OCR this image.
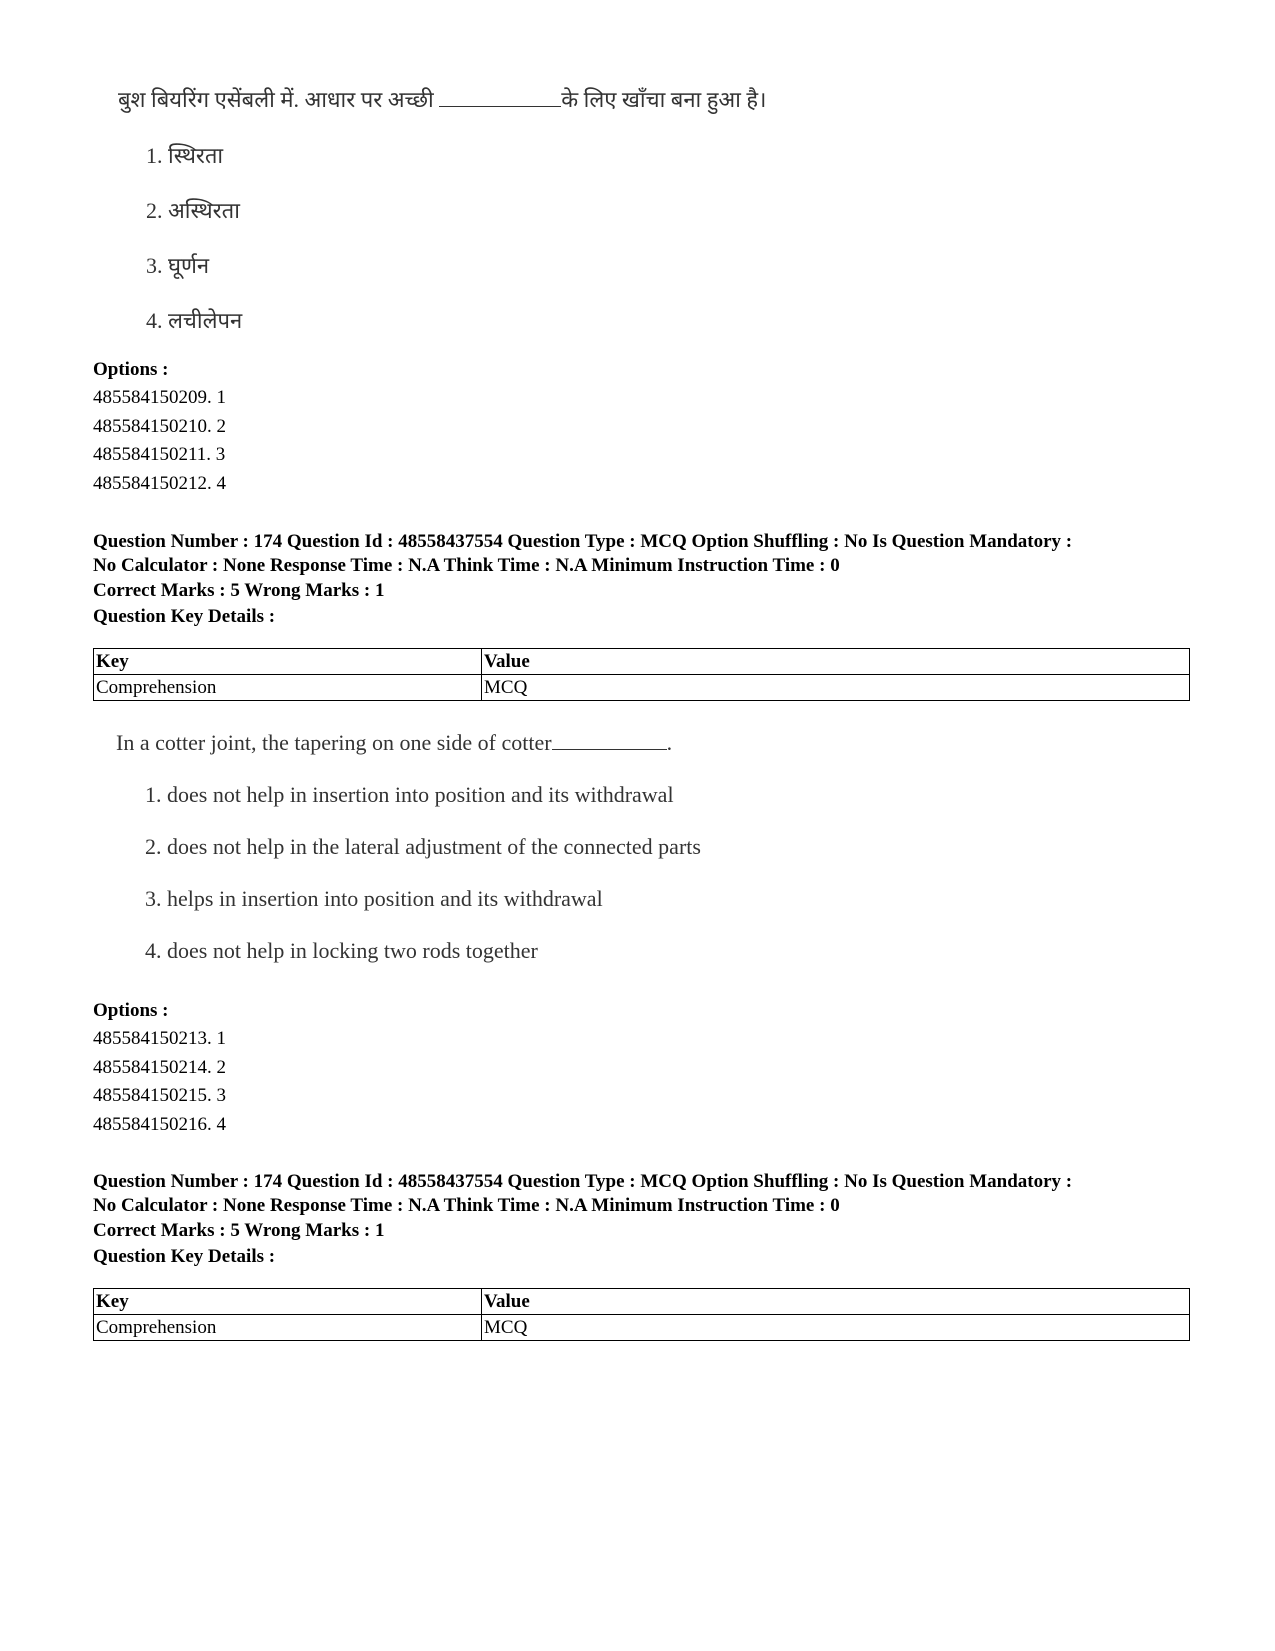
बुश बियरिंग एसेंबली में. आधार पर अच्छी	के लिए खाँचा बना हुआ है।
1. स्थिरता
2. अस्थिरता
3. घूर्णन
4. लचीलेपन
Options :
485584150209. 1
485584150210. 2
485584150211. 3
485584150212. 4
Question Number : 174 Question Id : 48558437554 Question Type : MCQ Option Shuffling : No Is Question Mandatory :
No Calculator : None Response Time : N.A Think Time : N.A Minimum Instruction Time : 0
Correct Marks : 5 Wrong Marks : 1
Question Key Details :
Key	Value
Comprehension	MCQ
In a cotter joint, the tapering on one side of cotter	.
1. does not help in insertion into position and its withdrawal
2. does not help in the lateral adjustment of the connected parts
3. helps in insertion into position and its withdrawal
4. does not help in locking two rods together
Options :
485584150213. 1
485584150214. 2
485584150215. 3
485584150216. 4
Question Number : 174 Question Id : 48558437554 Question Type : MCQ Option Shuffling : No Is Question Mandatory :
No Calculator : None Response Time : N.A Think Time : N.A Minimum Instruction Time : 0
Correct Marks : 5 Wrong Marks : 1
Question Key Details :
Key	Value
Comprehension	MCQ
